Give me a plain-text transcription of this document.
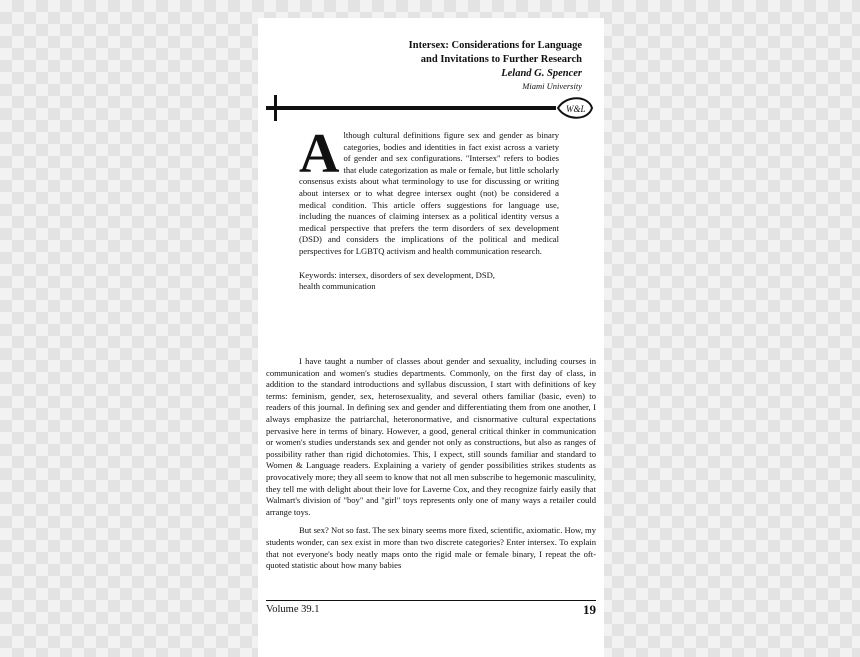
Intersex: Considerations for Language
and Invitations to Further Research
Leland G. Spencer
Miami University
W&L

Although cultural definitions figure sex and gender as binary categories, bodies and identities in fact exist across a variety of gender and sex configurations. "Intersex" refers to bodies that elude categorization as male or female, but little scholarly consensus exists about what terminology to use for discussing or writing about intersex or to what degree intersex ought (not) be considered a medical condition. This article offers suggestions for language use, including the nuances of claiming intersex as a political identity versus a medical perspective that prefers the term disorders of sex development (DSD) and considers the implications of the political and medical perspectives for LGBTQ activism and health communication research.

Keywords: intersex, disorders of sex development, DSD,

health communication

I have taught a number of classes about gender and sexuality, including courses in communication and women's studies departments. Commonly, on the first day of class, in addition to the standard introductions and syllabus discussion, I start with definitions of key terms: feminism, gender, sex, heterosexuality, and several others familiar (basic, even) to readers of this journal. In defining sex and gender and differentiating them from one another, I always emphasize the patriarchal, heteronormative, and cisnormative cultural expectations pervasive here in terms of binary. However, a good, general critical thinker in communication or women's studies understands sex and gender not only as constructions, but also as ranges of possibility rather than rigid dichotomies. This, I expect, still sounds familiar and standard to Women & Language readers. Explaining a variety of gender possibilities strikes students as provocatively more; they all seem to know that not all men subscribe to hegemonic masculinity, they tell me with delight about their love for Laverne Cox, and they recognize fairly easily that Walmart's division of "boy" and "girl" toys represents only one of many ways a retailer could arrange toys.

But sex? Not so fast. The sex binary seems more fixed, scientific, axiomatic. How, my students wonder, can sex exist in more than two discrete categories? Enter intersex. To explain that not everyone's body neatly maps onto the rigid male or female binary, I repeat the oft-quoted statistic about how many babies

Volume 39.1	19
